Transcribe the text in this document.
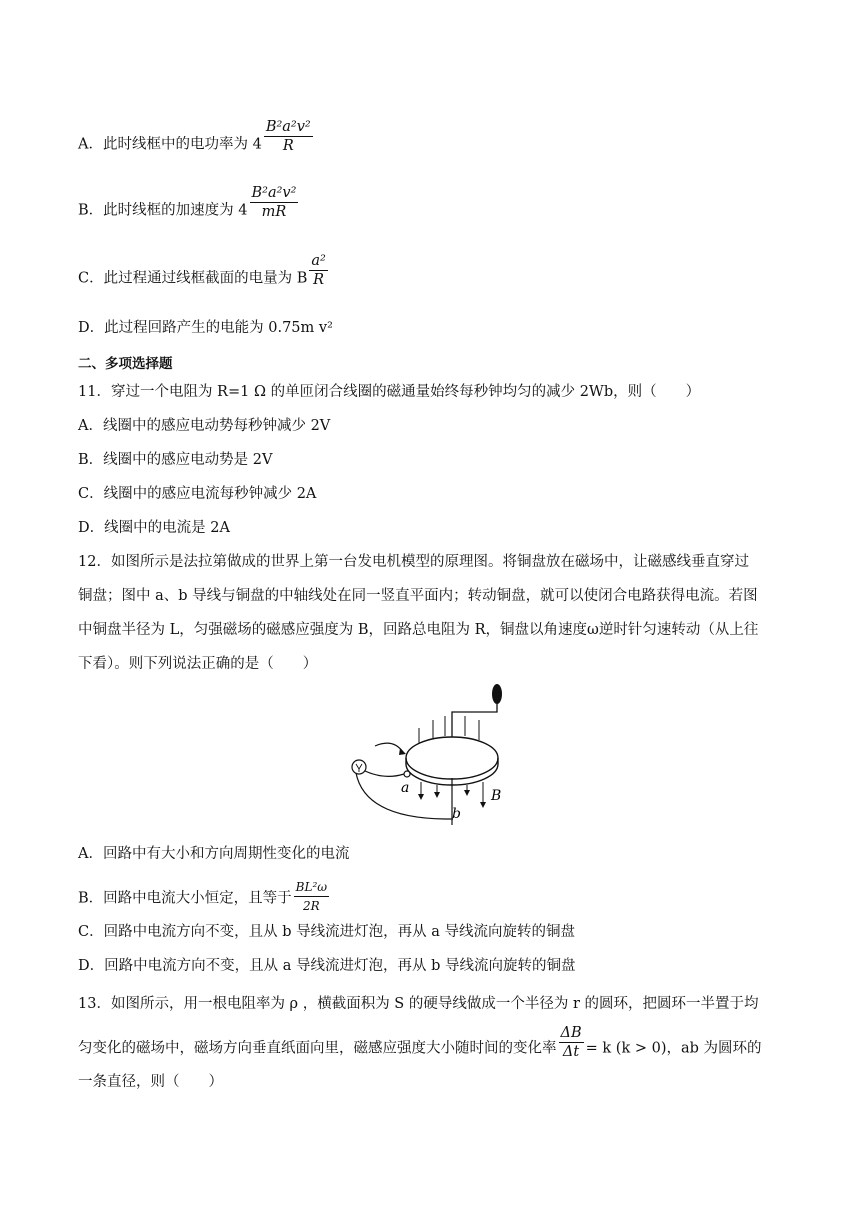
A．此时线框中的电功率为 $4 \frac{\text{B²a²v²}}{R}$
B．此时线框的加速度为 $4 \frac{\text{B²a²v²}}{mR}$
C．此过程通过线框截面的电量为 B $\frac{\text{a²}}{R}$
D．此过程回路产生的电能为 0.75m v²
二、多项选择题
11．穿过一个电阻为 R=1 Ω 的单匝闭合线圈的磁通量始终每秒钟均匀的减少 2Wb，则（　　）
A．线圈中的感应电动势每秒钟减少 2V
B．线圈中的感应电动势是 2V
C．线圈中的感应电流每秒钟减少 2A
D．线圈中的电流是 2A
12．如图所示是法拉第做成的世界上第一台发电机模型的原理图。将铜盘放在磁场中，让磁感线垂直穿过
铜盘；图中 a、b 导线与铜盘的中轴线处在同一竖直平面内；转动铜盘，就可以使闭合电路获得电流。若图
中铜盘半径为 L，匀强磁场的磁感应强度为 B，回路总电阻为 R，铜盘以角速度ω逆时针匀速转动（从上往
下看）。则下列说法正确的是（　　）
a
b
B
A．回路中有大小和方向周期性变化的电流
B．回路中电流大小恒定，且等于 $\frac{\text{BL²ω}}{2R}$
C．回路中电流方向不变，且从 b 导线流进灯泡，再从 a 导线流向旋转的铜盘
D．回路中电流方向不变，且从 a 导线流进灯泡，再从 b 导线流向旋转的铜盘
13．如图所示，用一根电阻率为 ρ ，横截面积为 S 的硬导线做成一个半径为 r 的圆环，把圆环一半置于均
匀变化的磁场中，磁场方向垂直纸面向里，磁感应强度大小随时间的变化率 $\frac{\Delta B}{\Delta t} = k$ (k > 0)，ab 为圆环的
一条直径，则（　　）
